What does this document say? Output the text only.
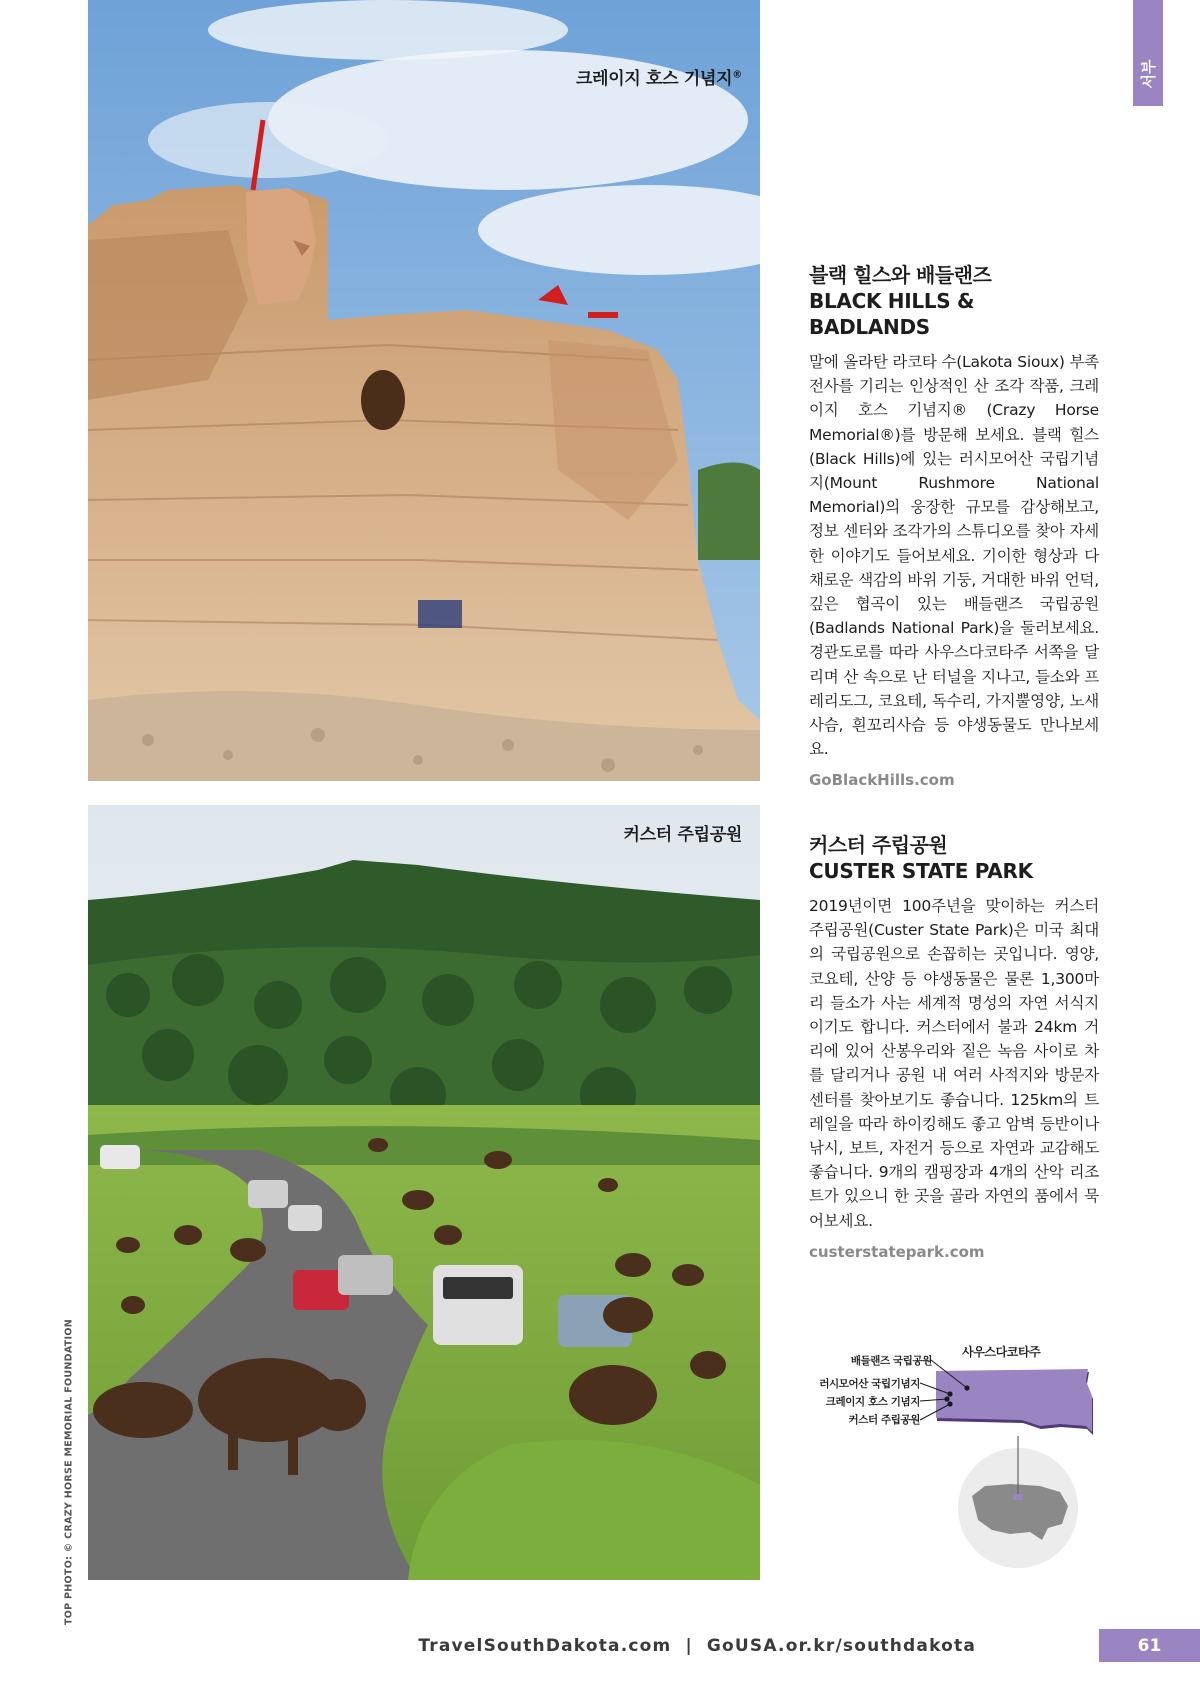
크레이지 호스 기념지®
커스터 주립공원
서부
블랙 힐스와 배들랜즈
BLACK HILLS & BADLANDS
말에 올라탄 라코타 수(Lakota Sioux) 부족 전사를 기리는 인상적인 산 조각 작품, 크레이지 호스 기념지® (Crazy Horse Memorial®)를 방문해 보세요. 블랙 힐스(Black Hills)에 있는 러시모어산 국립기념지(Mount Rushmore National Memorial)의 웅장한 규모를 감상해보고, 정보 센터와 조각가의 스튜디오를 찾아 자세한 이야기도 들어보세요. 기이한 형상과 다채로운 색감의 바위 기둥, 거대한 바위 언덕, 깊은 협곡이 있는 배들랜즈 국립공원(Badlands National Park)을 둘러보세요. 경관도로를 따라 사우스다코타주 서쪽을 달리며 산 속으로 난 터널을 지나고, 들소와 프레리도그, 코요테, 독수리, 가지뿔영양, 노새 사슴, 흰꼬리사슴 등 야생동물도 만나보세요.
GoBlackHills.com
커스터 주립공원
CUSTER STATE PARK
2019년이면 100주년을 맞이하는 커스터 주립공원(Custer State Park)은 미국 최대의 국립공원으로 손꼽히는 곳입니다. 영양, 코요테, 산양 등 야생동물은 물론 1,300마리 들소가 사는 세계적 명성의 자연 서식지이기도 합니다. 커스터에서 불과 24km 거리에 있어 산봉우리와 짙은 녹음 사이로 차를 달리거나 공원 내 여러 사적지와 방문자 센터를 찾아보기도 좋습니다. 125km의 트레일을 따라 하이킹해도 좋고 암벽 등반이나 낚시, 보트, 자전거 등으로 자연과 교감해도 좋습니다. 9개의 캠핑장과 4개의 산악 리조트가 있으니 한 곳을 골라 자연의 품에서 묵어보세요.
custerstatepark.com
사우스다코타주
배들랜즈 국립공원
러시모어산 국립기념지
크레이지 호스 기념지
커스터 주립공원
TOP PHOTO: © CRAZY HORSE MEMORIAL FOUNDATION
TravelSouthDakota.com | GoUSA.or.kr/southdakota	61
